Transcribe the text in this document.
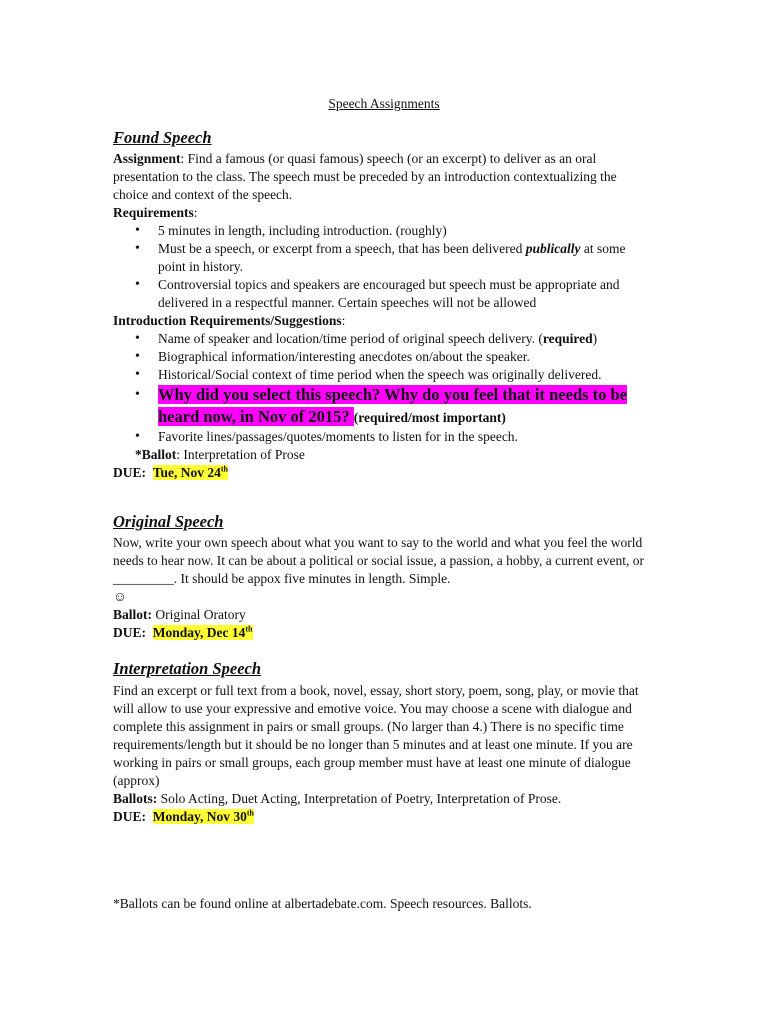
Speech Assignments
Found Speech

Assignment: Find a famous (or quasi famous) speech (or an excerpt) to deliver as an oral presentation to the class. The speech must be preceded by an introduction contextualizing the choice and context of the speech.

Requirements:

• 5 minutes in length, including introduction. (roughly)
• Must be a speech, or excerpt from a speech, that has been delivered publically at some point in history.
• Controversial topics and speakers are encouraged but speech must be appropriate and delivered in a respectful manner. Certain speeches will not be allowed

Introduction Requirements/Suggestions:

• Name of speaker and location/time period of original speech delivery. (required)
• Biographical information/interesting anecdotes on/about the speaker.
• Historical/Social context of time period when the speech was originally delivered.
• Why did you select this speech? Why do you feel that it needs to be heard now, in Nov of 2015? (required/most important)
• Favorite lines/passages/quotes/moments to listen for in the speech.

*Ballot: Interpretation of Prose

DUE: Tue, Nov 24th

Original Speech

Now, write your own speech about what you want to say to the world and what you feel the world needs to hear now. It can be about a political or social issue, a passion, a hobby, a current event, or _________. It should be appox five minutes in length. Simple.

☺

Ballot: Original Oratory

DUE: Monday, Dec 14th

Interpretation Speech

Find an excerpt or full text from a book, novel, essay, short story, poem, song, play, or movie that will allow to use your expressive and emotive voice. You may choose a scene with dialogue and complete this assignment in pairs or small groups. (No larger than 4.) There is no specific time requirements/length but it should be no longer than 5 minutes and at least one minute. If you are working in pairs or small groups, each group member must have at least one minute of dialogue (approx)

Ballots: Solo Acting, Duet Acting, Interpretation of Poetry, Interpretation of Prose.

DUE: Monday, Nov 30th

*Ballots can be found online at albertadebate.com. Speech resources. Ballots.
